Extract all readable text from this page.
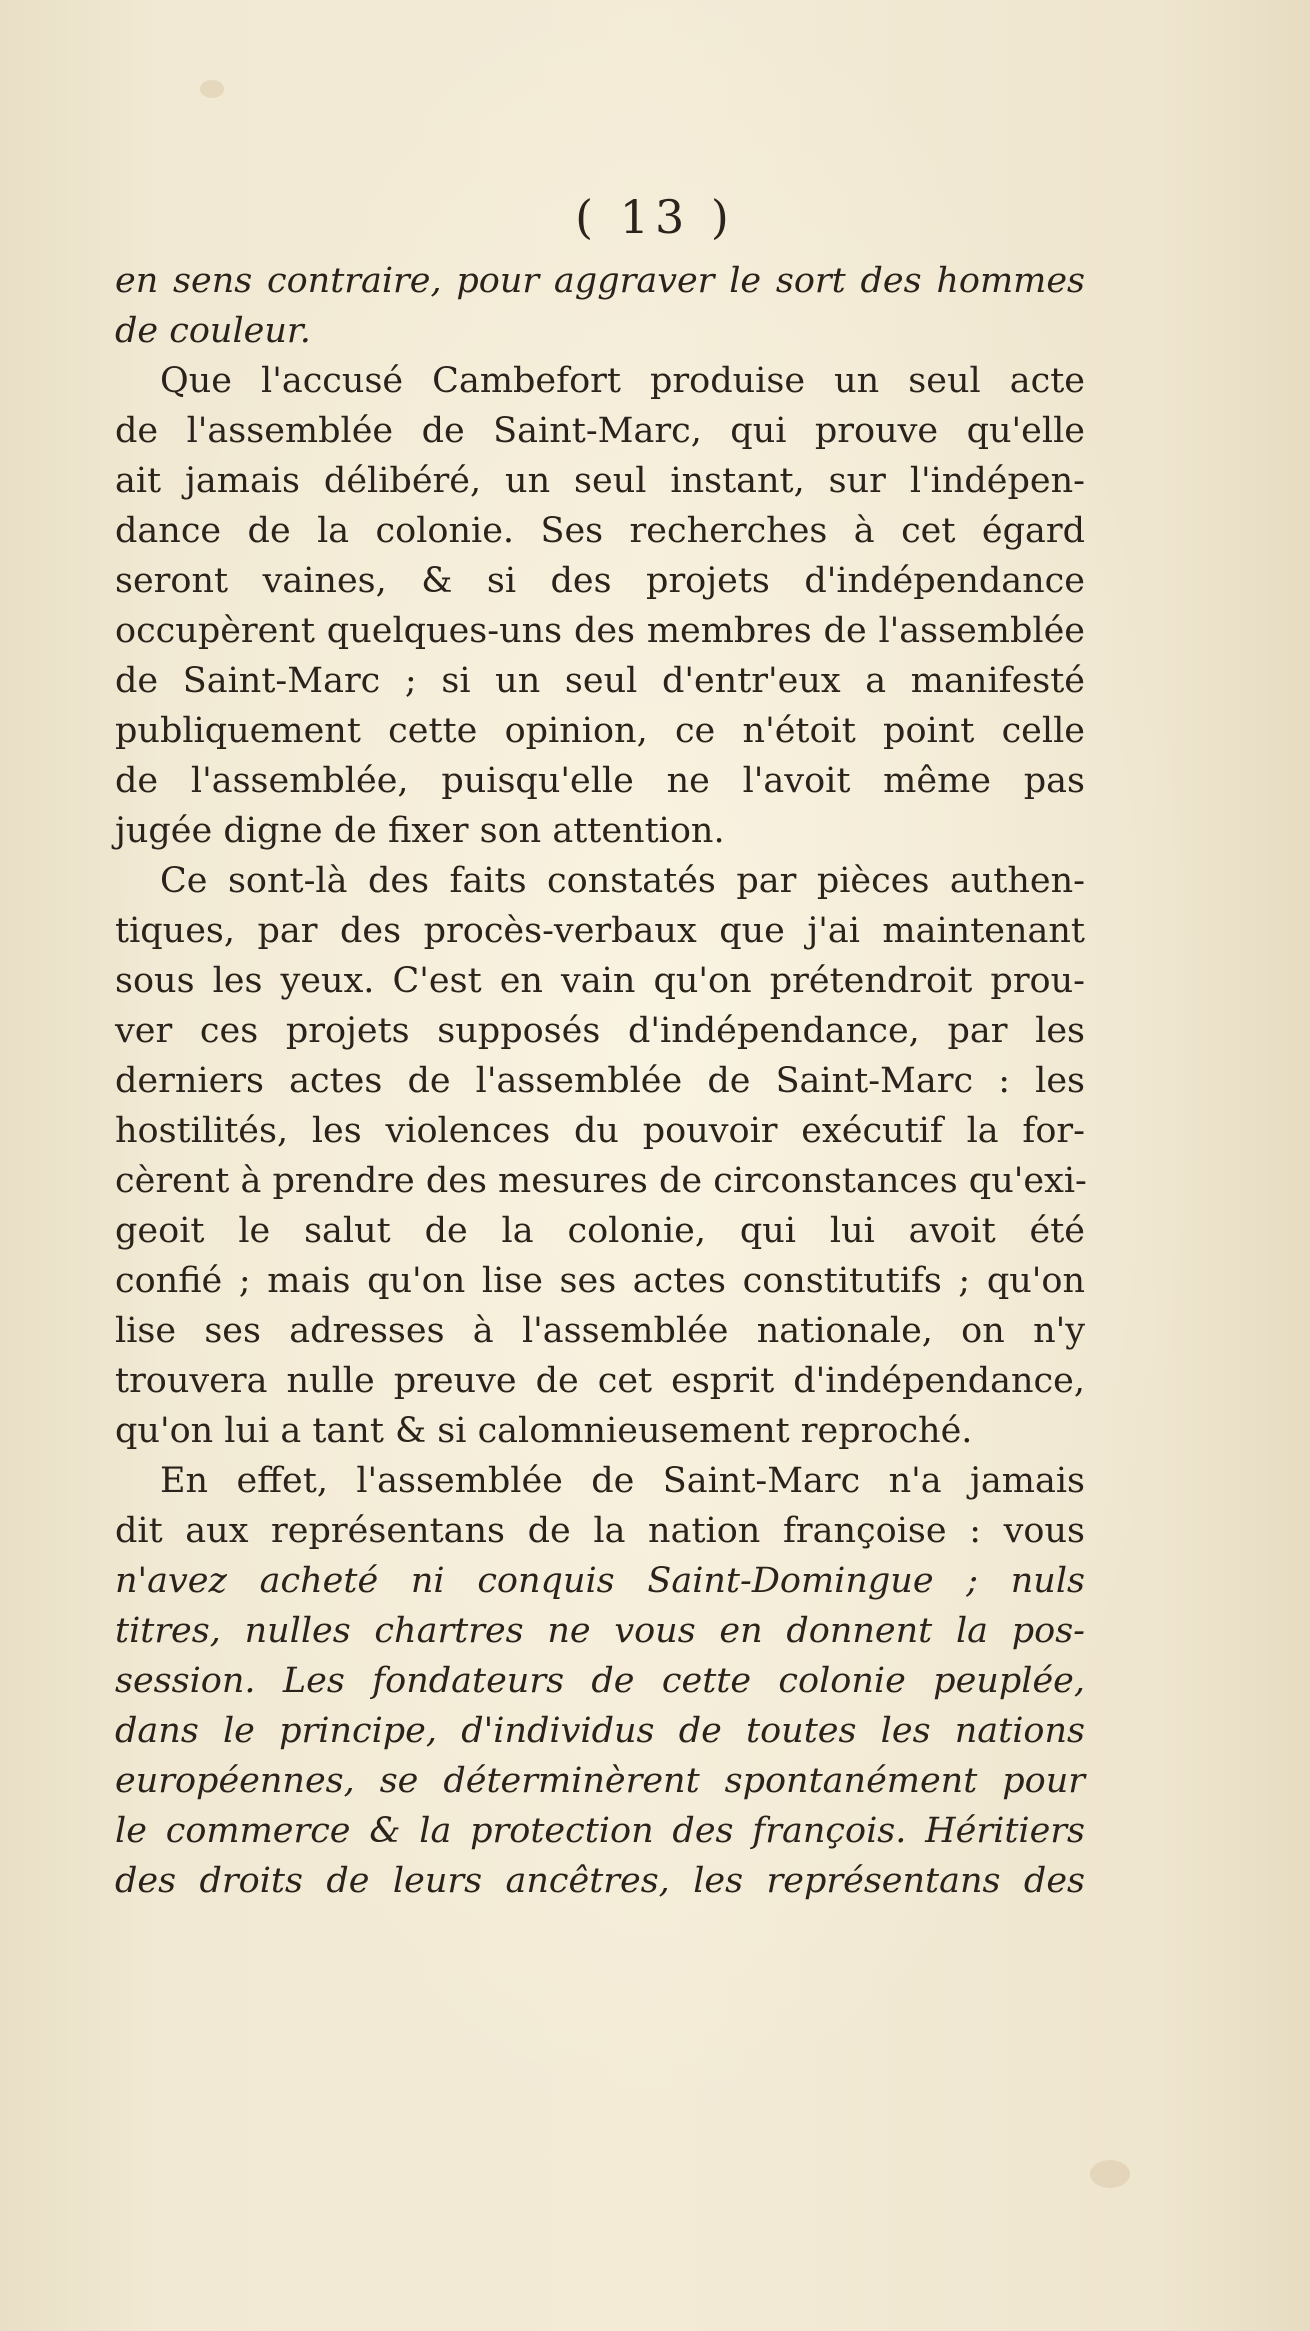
( 13 )
en sens contraire, pour aggraver le sort des hommes
de couleur.
Que l'accusé Cambefort produise un seul acte
de l'assemblée de Saint-Marc, qui prouve qu'elle
ait jamais délibéré, un seul instant, sur l'indépen-
dance de la colonie. Ses recherches à cet égard
seront vaines, & si des projets d'indépendance
occupèrent quelques-uns des membres de l'assemblée
de Saint-Marc ; si un seul d'entr'eux a manifesté
publiquement cette opinion, ce n'étoit point celle
de l'assemblée, puisqu'elle ne l'avoit même pas
jugée digne de fixer son attention.
Ce sont-là des faits constatés par pièces authen-
tiques, par des procès-verbaux que j'ai maintenant
sous les yeux. C'est en vain qu'on prétendroit prou-
ver ces projets supposés d'indépendance, par les
derniers actes de l'assemblée de Saint-Marc : les
hostilités, les violences du pouvoir exécutif la for-
cèrent à prendre des mesures de circonstances qu'exi-
geoit le salut de la colonie, qui lui avoit été
confié ; mais qu'on lise ses actes constitutifs ; qu'on
lise ses adresses à l'assemblée nationale, on n'y
trouvera nulle preuve de cet esprit d'indépendance,
qu'on lui a tant & si calomnieusement reproché.
En effet, l'assemblée de Saint-Marc n'a jamais
dit aux représentans de la nation françoise : vous
n'avez acheté ni conquis Saint-Domingue ; nuls
titres, nulles chartres ne vous en donnent la pos-
session. Les fondateurs de cette colonie peuplée,
dans le principe, d'individus de toutes les nations
européennes, se déterminèrent spontanément pour
le commerce & la protection des françois. Héritiers
des droits de leurs ancêtres, les représentans des
